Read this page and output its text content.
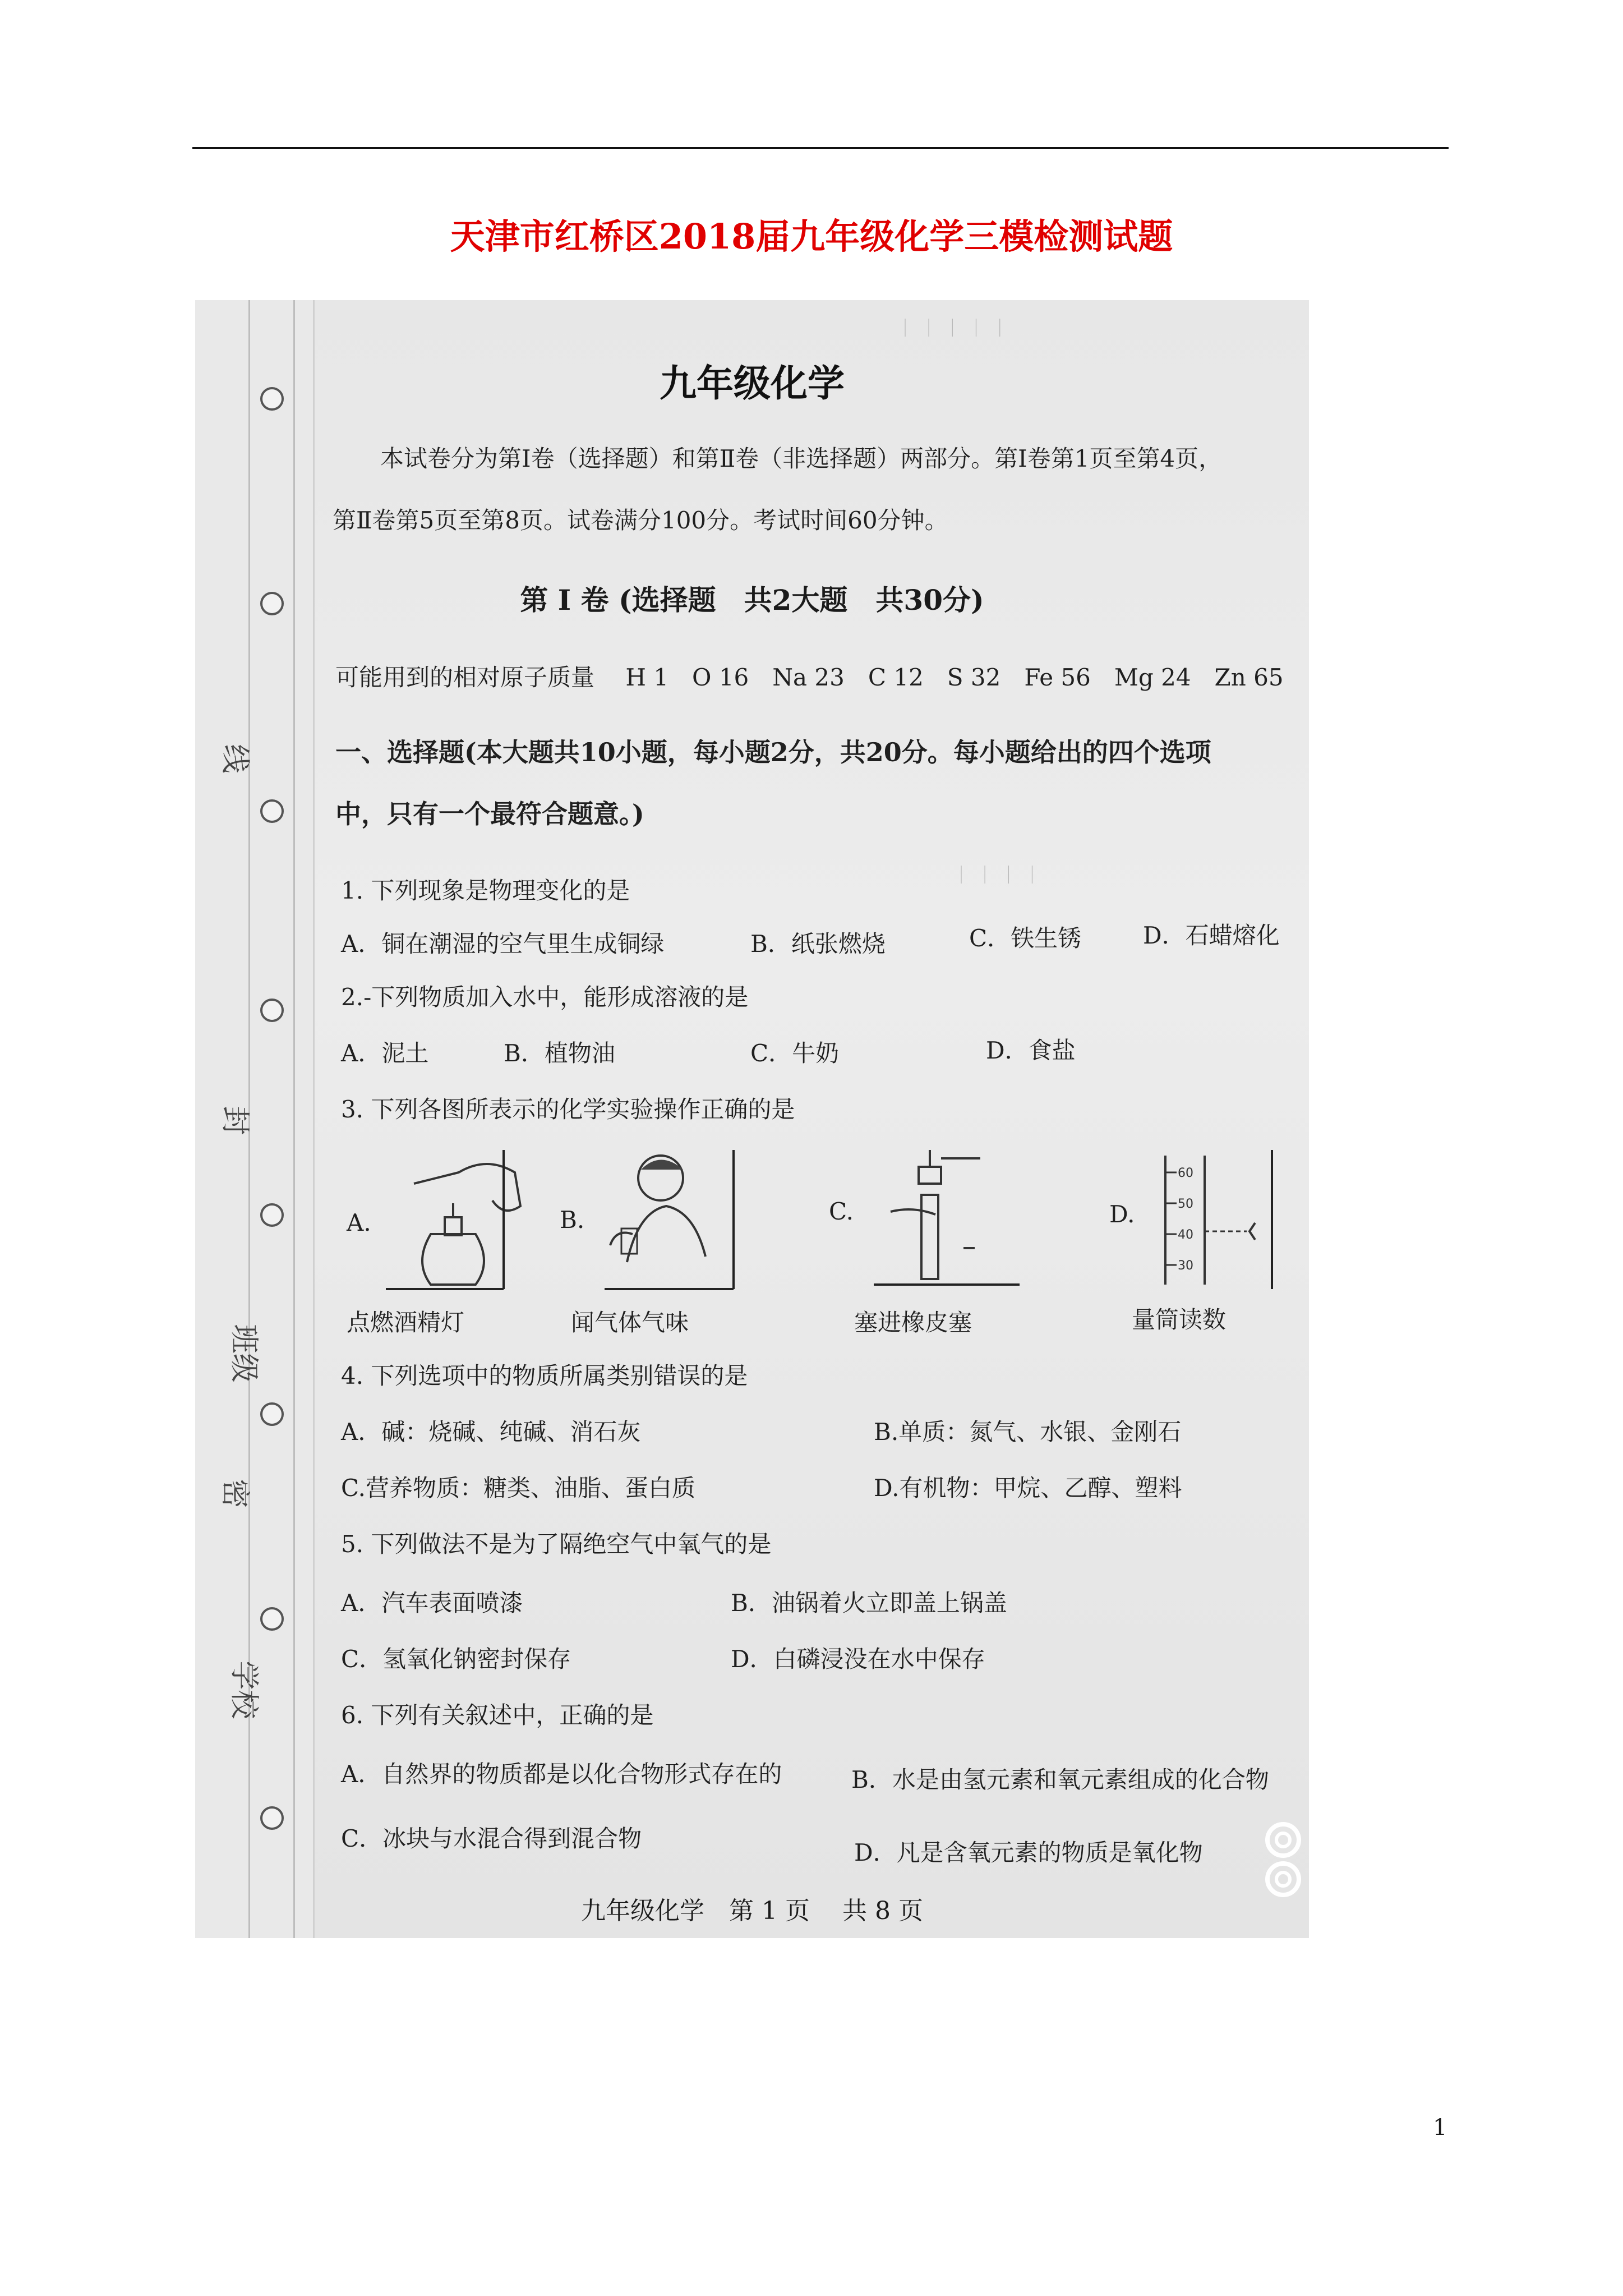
天津市红桥区2018届九年级化学三模检测试题
线
封
班级
密
学校
｜ ｜ ｜ ｜ ｜
｜ ｜ ｜ ｜
九年级化学
本试卷分为第Ⅰ卷（选择题）和第Ⅱ卷（非选择题）两部分。第Ⅰ卷第1页至第4页，
第Ⅱ卷第5页至第8页。试卷满分100分。考试时间60分钟。
第 Ⅰ 卷 (选择题　共2大题　共30分)
可能用到的相对原子质量　 H 1　O 16　Na 23　C 12　S 32　Fe 56　Mg 24　Zn 65
一、选择题(本大题共10小题，每小题2分，共20分。每小题给出的四个选项
中，只有一个最符合题意。)
1. 下列现象是物理变化的是
A．铜在潮湿的空气里生成铜绿	B．纸张燃烧	C．铁生锈	D．石蜡熔化
2.-下列物质加入水中，能形成溶液的是
A．泥土	B．植物油	C．牛奶	D．食盐
3. 下列各图所表示的化学实验操作正确的是
A.
点燃酒精灯
B.
闻气体气味
C.
塞进橡皮塞
D.
60
50
40
30
量筒读数
4. 下列选项中的物质所属类别错误的是
A．碱：烧碱、纯碱、消石灰	B.单质：氮气、水银、金刚石
C.营养物质：糖类、油脂、蛋白质	D.有机物：甲烷、乙醇、塑料
5. 下列做法不是为了隔绝空气中氧气的是
A．汽车表面喷漆	B．油锅着火立即盖上锅盖
C．氢氧化钠密封保存	D．白磷浸没在水中保存
6. 下列有关叙述中，正确的是
A．自然界的物质都是以化合物形式存在的	B．水是由氢元素和氧元素组成的化合物
C．冰块与水混合得到混合物
D．凡是含氧元素的物质是氧化物
九年级化学　第 1 页　 共 8 页
1
